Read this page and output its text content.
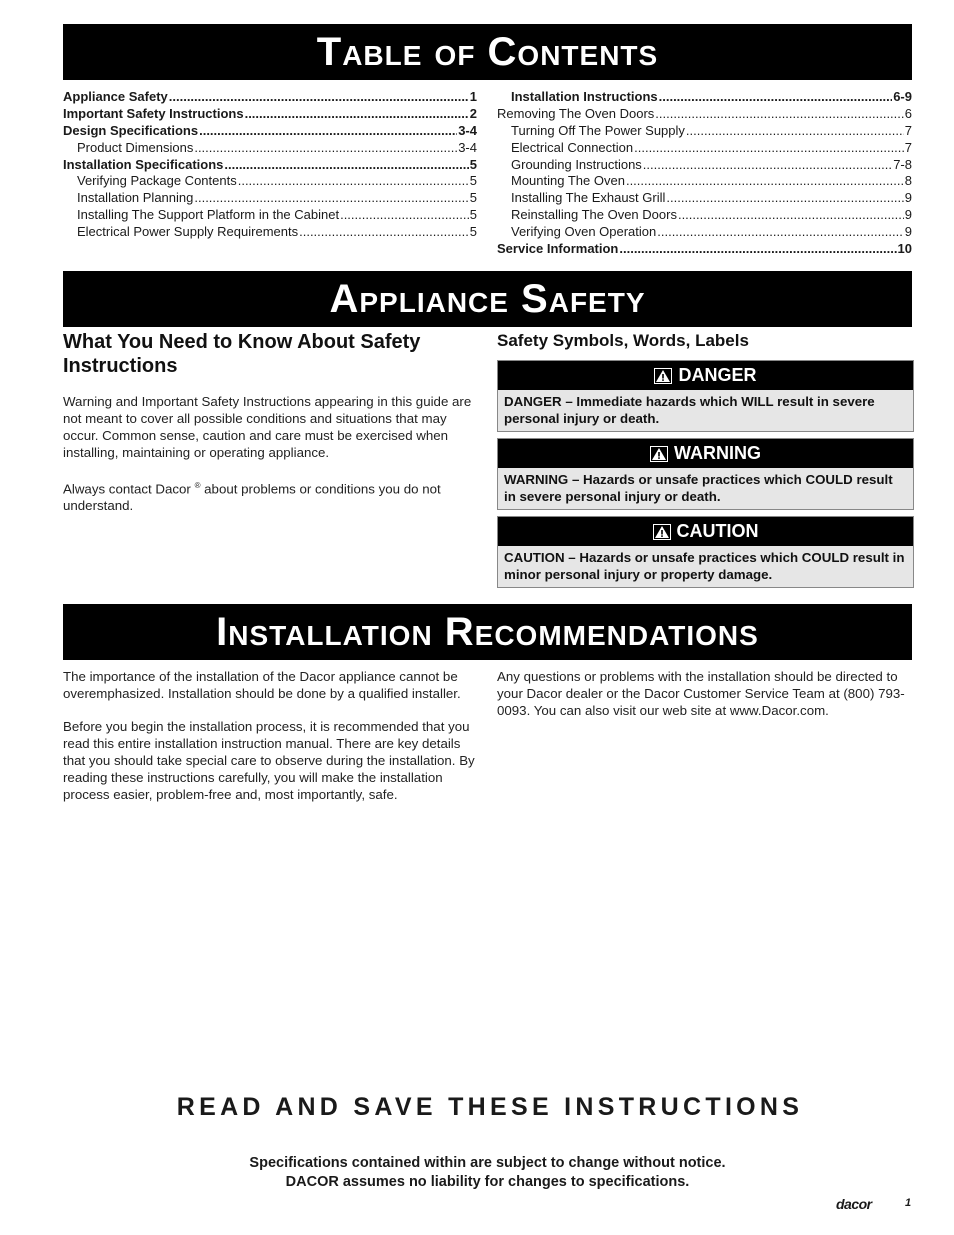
Table of Contents
Appliance Safety .....	1
Important Safety Instructions .....	2
Design Specifications .....	3-4
Product Dimensions .....	3-4
Installation Specifications .....	5
Verifying Package Contents .....	5
Installation Planning .....	5
Installing The Support Platform in the Cabinet .....	5
Electrical Power Supply Requirements .....	5
Installation Instructions .....	6-9
Removing The Oven Doors .....	6
Turning Off The Power Supply .....	7
Electrical Connection .....	7
Grounding Instructions .....	7-8
Mounting The Oven .....	8
Installing The Exhaust Grill .....	9
Reinstalling The Oven Doors .....	9
Verifying Oven Operation .....	9
Service Information .....	10
Appliance Safety
What You Need to Know About Safety Instructions

Warning and Important Safety Instructions appearing in this guide are not meant to cover all possible conditions and situations that may occur. Common sense, caution and care must be exercised when installing, maintaining or operating appliance.

Always contact Dacor ® about problems or conditions you do not understand.

Safety Symbols, Words, Labels
DANGER
DANGER – Immediate hazards which WILL result in severe personal injury or death.
WARNING
WARNING – Hazards or unsafe practices which COULD result in severe personal injury or death.
CAUTION
CAUTION – Hazards or unsafe practices which COULD result in minor personal injury or property damage.
Installation Recommendations

The importance of the installation of the Dacor appliance cannot be overemphasized. Installation should be done by a qualified installer.

Before you begin the installation process, it is recommended that you read this entire installation instruction manual. There are key details that you should take special care to observe during the installation. By reading these instructions carefully, you will make the installation process easier, problem-free and, most importantly, safe.

Any questions or problems with the installation should be directed to your Dacor dealer or the Dacor Customer Service Team at (800) 793-0093. You can also visit our web site at www.Dacor.com.

READ AND SAVE THESE INSTRUCTIONS
Specifications contained within are subject to change without notice.
DACOR assumes no liability for changes to specifications.
dacor	1
